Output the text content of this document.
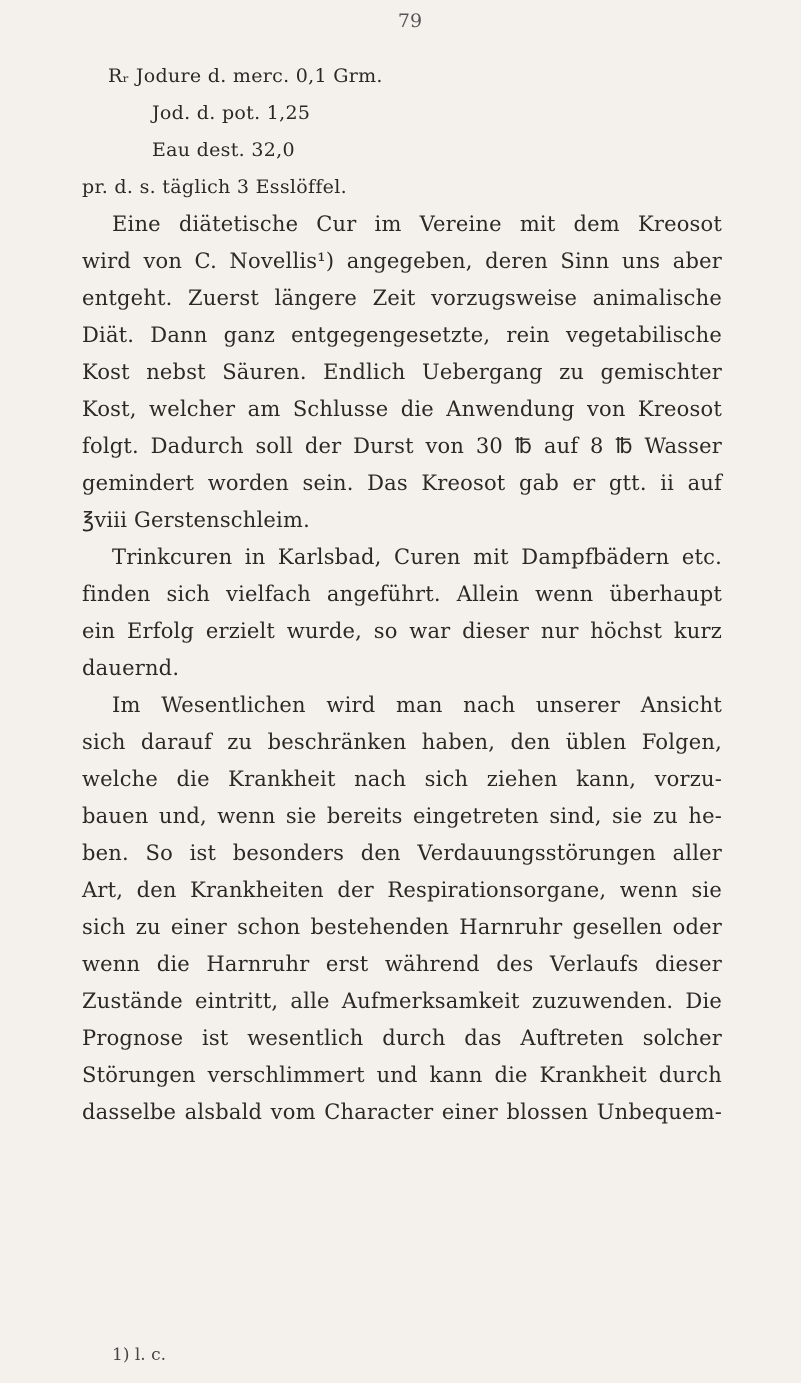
79
Rᵣ Jodure d. merc. 0,1 Grm.
Jod. d. pot. 1,25
Eau dest. 32,0
pr. d. s. täglich 3 Esslöffel.
Eine diätetische Cur im Vereine mit dem Kreosot
wird von C. Novellis¹) angegeben, deren Sinn uns aber
entgeht. Zuerst längere Zeit vorzugsweise animalische
Diät. Dann ganz entgegengesetzte, rein vegetabilische
Kost nebst Säuren. Endlich Uebergang zu gemischter
Kost, welcher am Schlusse die Anwendung von Kreosot
folgt. Dadurch soll der Durst von 30 ℔ auf 8 ℔ Wasser
gemindert worden sein. Das Kreosot gab er gtt. ii auf
℥viii Gerstenschleim.
Trinkcuren in Karlsbad, Curen mit Dampfbädern etc.
finden sich vielfach angeführt. Allein wenn überhaupt
ein Erfolg erzielt wurde, so war dieser nur höchst kurz
dauernd.
Im Wesentlichen wird man nach unserer Ansicht
sich darauf zu beschränken haben, den üblen Folgen,
welche die Krankheit nach sich ziehen kann, vorzu-
bauen und, wenn sie bereits eingetreten sind, sie zu he-
ben. So ist besonders den Verdauungsstörungen aller
Art, den Krankheiten der Respirationsorgane, wenn sie
sich zu einer schon bestehenden Harnruhr gesellen oder
wenn die Harnruhr erst während des Verlaufs dieser
Zustände eintritt, alle Aufmerksamkeit zuzuwenden. Die
Prognose ist wesentlich durch das Auftreten solcher
Störungen verschlimmert und kann die Krankheit durch
dasselbe alsbald vom Character einer blossen Unbequem-
1) l. c.
